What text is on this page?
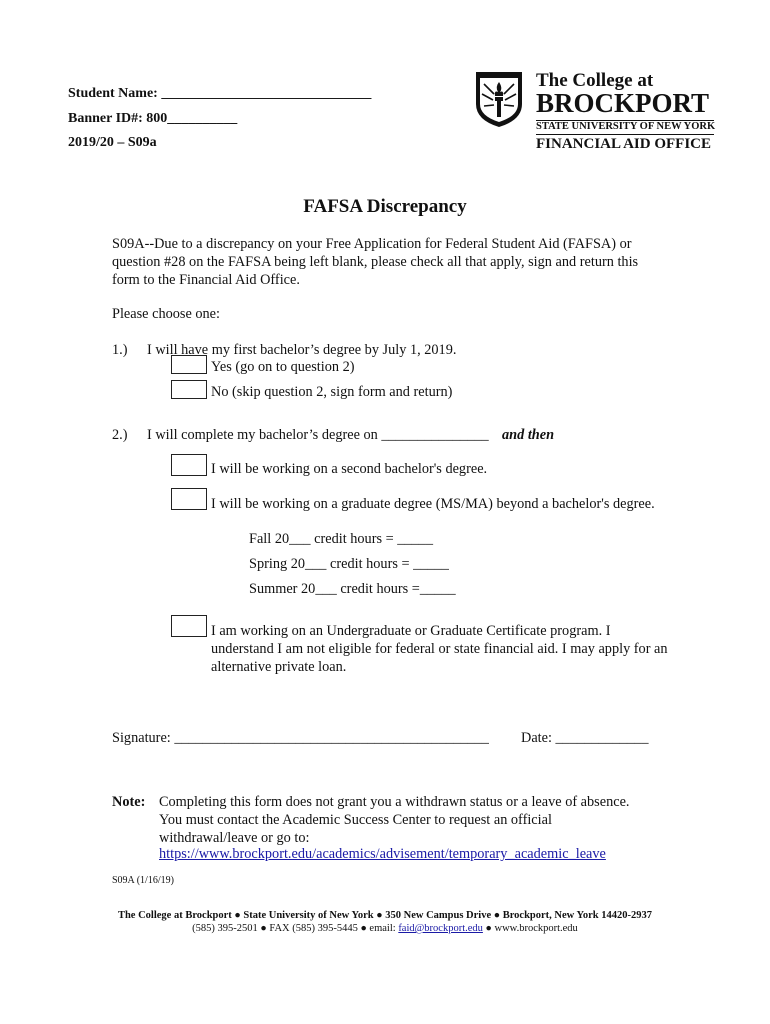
Student Name: ______________________________
Banner ID#: 800__________
2019/20 – S09a
The College at
BROCKPORT
STATE UNIVERSITY OF NEW YORK
FINANCIAL AID OFFICE
FAFSA Discrepancy
S09A--Due to a discrepancy on your Free Application for Federal Student Aid (FAFSA) or question #28 on the FAFSA being left blank, please check all that apply, sign and return this form to the Financial Aid Office.
Please choose one:
1.) I will have my first bachelor’s degree by July 1, 2019.
Yes (go on to question 2)
No (skip question 2, sign form and return)
2.) I will complete my bachelor’s degree on _______________ and then
I will be working on a second bachelor's degree.
I will be working on a graduate degree (MS/MA) beyond a bachelor's degree.
Fall 20___ credit hours = _____
Spring 20___ credit hours = _____
Summer 20___ credit hours =_____
I am working on an Undergraduate or Graduate Certificate program. I understand I am not eligible for federal or state financial aid. I may apply for an alternative private loan.
Signature: ____________________________________________ Date: _____________
Note: Completing this form does not grant you a withdrawn status or a leave of absence. You must contact the Academic Success Center to request an official withdrawal/leave or go to:
https://www.brockport.edu/academics/advisement/temporary_academic_leave
S09A (1/16/19)
The College at Brockport ● State University of New York ● 350 New Campus Drive ● Brockport, New York 14420-2937
(585) 395-2501 ● FAX (585) 395-5445 ● email: faid@brockport.edu ● www.brockport.edu
